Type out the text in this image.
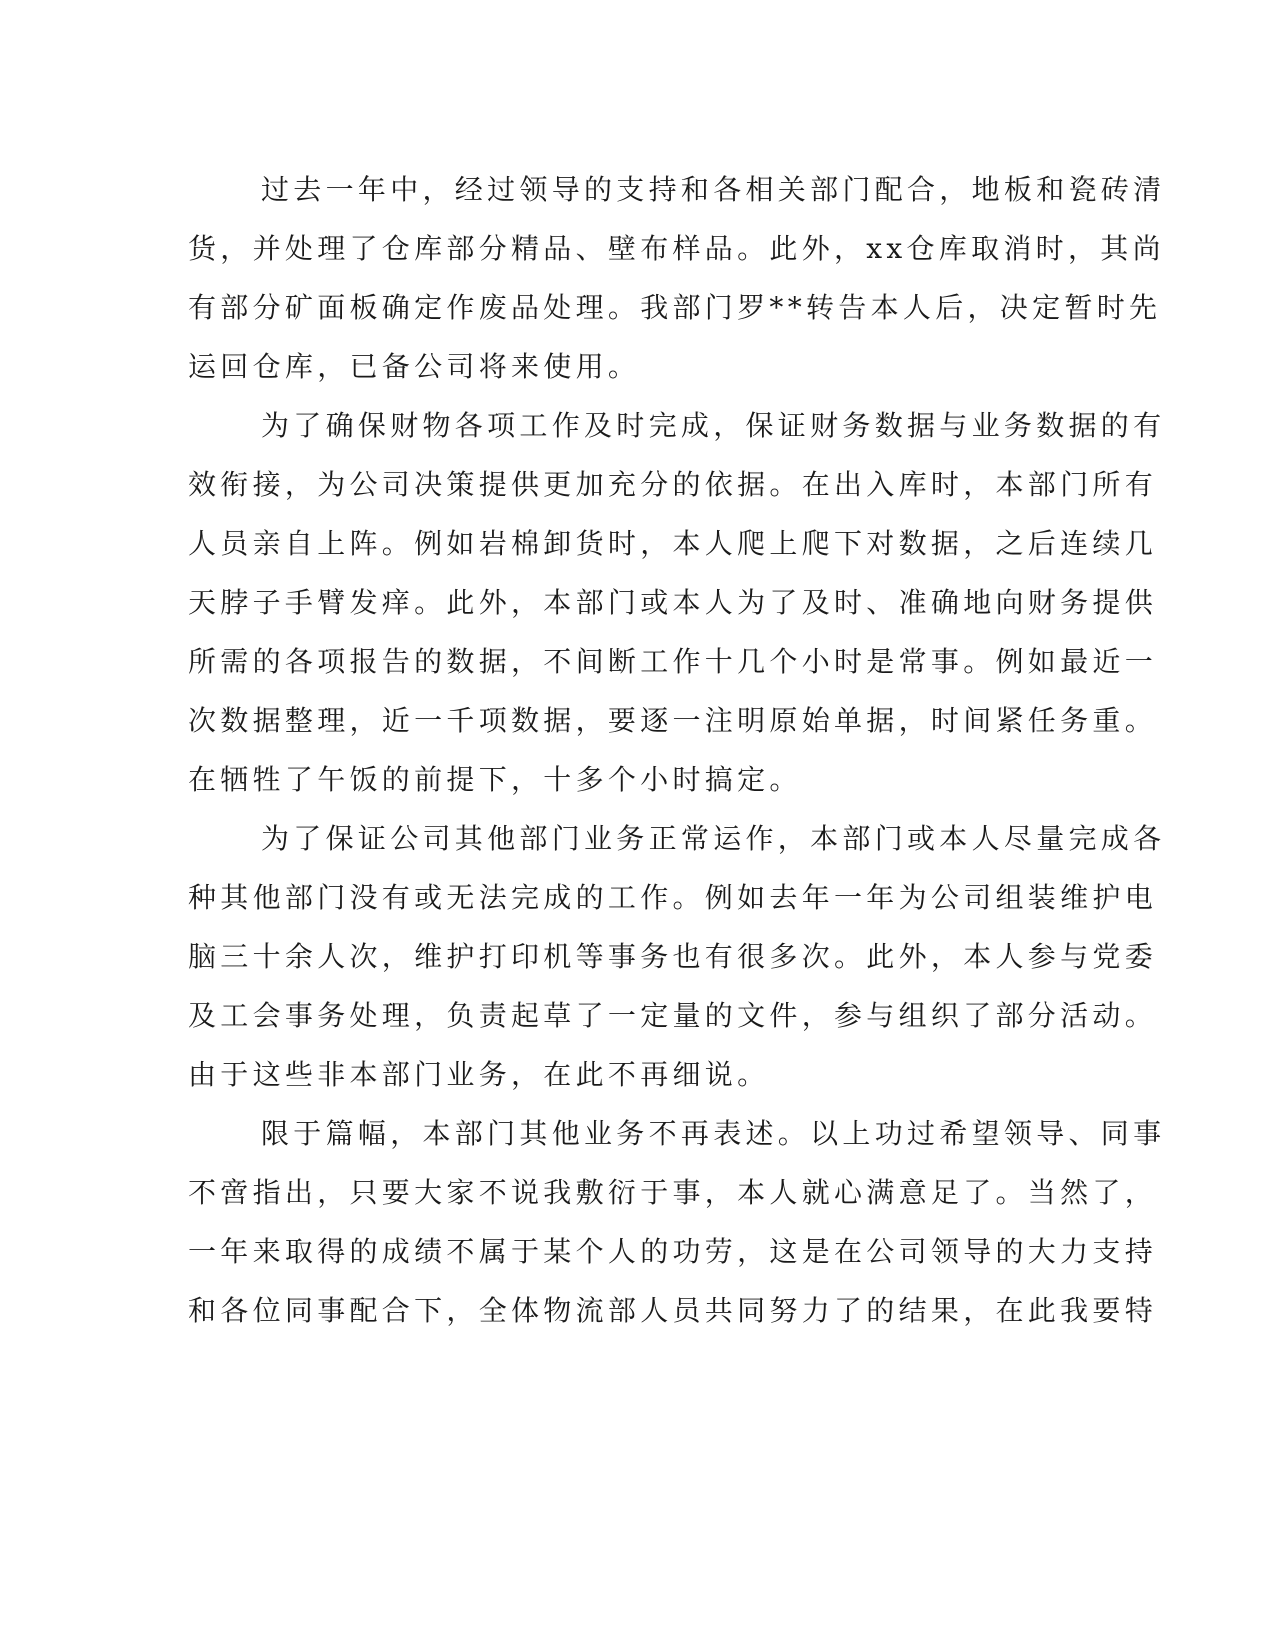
过去一年中，经过领导的支持和各相关部门配合，地板和瓷砖清
货，并处理了仓库部分精品、壁布样品。此外，xx仓库取消时，其尚
有部分矿面板确定作废品处理。我部门罗**转告本人后，决定暂时先
运回仓库，已备公司将来使用。
为了确保财物各项工作及时完成，保证财务数据与业务数据的有
效衔接，为公司决策提供更加充分的依据。在出入库时，本部门所有
人员亲自上阵。例如岩棉卸货时，本人爬上爬下对数据，之后连续几
天脖子手臂发痒。此外，本部门或本人为了及时、准确地向财务提供
所需的各项报告的数据，不间断工作十几个小时是常事。例如最近一
次数据整理，近一千项数据，要逐一注明原始单据，时间紧任务重。
在牺牲了午饭的前提下，十多个小时搞定。
为了保证公司其他部门业务正常运作，本部门或本人尽量完成各
种其他部门没有或无法完成的工作。例如去年一年为公司组装维护电
脑三十余人次，维护打印机等事务也有很多次。此外，本人参与党委
及工会事务处理，负责起草了一定量的文件，参与组织了部分活动。
由于这些非本部门业务，在此不再细说。
限于篇幅，本部门其他业务不再表述。以上功过希望领导、同事
不啻指出，只要大家不说我敷衍于事，本人就心满意足了。当然了，
一年来取得的成绩不属于某个人的功劳，这是在公司领导的大力支持
和各位同事配合下，全体物流部人员共同努力了的结果，在此我要特
